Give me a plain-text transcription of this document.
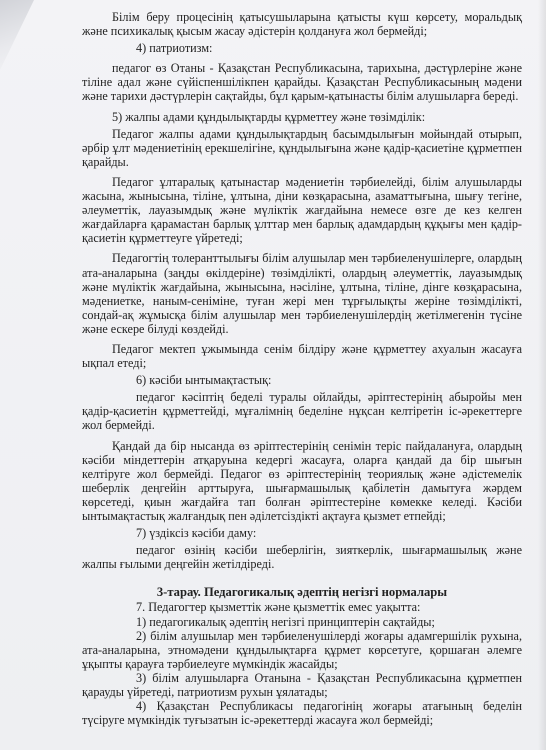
Білім беру процесінің қатысушыларына қатысты күш көрсету, моральдық және психикалық қысым жасау әдістерін қолдануға жол бермейді;

4) патриотизм:

педагог өз Отаны - Қазақстан Республикасына, тарихына, дәстүрлеріне және тіліне адал және сүйіспеншілікпен қарайды. Қазақстан Республикасының мәдени және тарихи дәстүрлерін сақтайды, бұл қарым-қатынасты білім алушыларға береді.

5) жалпы адами құндылықтарды құрметтеу және төзімділік:

Педагог жалпы адами құндылықтардың басымдылығын мойындай отырып, әрбір ұлт мәдениетінің ерекшелігіне, құндылығына және қадір-қасиетіне құрметпен қарайды.

Педагог ұлтаралық қатынастар мәдениетін тәрбиелейді, білім алушыларды жасына, жынысына, тіліне, ұлтына, діни көзқарасына, азаматтығына, шығу тегіне, әлеуметтік, лауазымдық және мүліктік жағдайына немесе өзге де кез келген жағдайларға қарамастан барлық ұлттар мен барлық адамдардың құқығы мен қадір-қасиетін құрметтеуге үйретеді;

Педагогтің толеранттылығы білім алушылар мен тәрбиеленушілерге, олардың ата-аналарына (заңды өкілдеріне) төзімділікті, олардың әлеуметтік, лауазымдық және мүліктік жағдайына, жынысына, нәсіліне, ұлтына, тіліне, дінге көзқарасына, мәдениетке, наным-сеніміне, туған жері мен тұрғылықты жеріне төзімділікті, сондай-ақ жұмысқа білім алушылар мен тәрбиеленушілердің жетілмегенін түсіне және ескере білуді көздейді.

Педагог мектеп ұжымында сенім білдіру және құрметтеу ахуалын жасауға ықпал етеді;

6) кәсіби ынтымақтастық:

педагог кәсіптің беделі туралы ойлайды, әріптестерінің абыройы мен қадір-қасиетін құрметтейді, мұғалімнің беделіне нұқсан келтіретін іс-әрекеттерге жол бермейді.

Қандай да бір нысанда өз әріптестерінің сенімін теріс пайдалануға, олардың кәсіби міндеттерін атқаруына кедергі жасауға, оларға қандай да бір шығын келтіруге жол бермейді. Педагог өз әріптестерінің теориялық және әдістемелік шеберлік деңгейін арттыруға, шығармашылық қабілетін дамытуға жәрдем көрсетеді, қиын жағдайға тап болған әріптестеріне көмекке келеді. Кәсіби ынтымақтастық жалғандық пен әділетсіздікті ақтауға қызмет етпейді;

7) үздіксіз кәсіби даму:

педагог өзінің кәсіби шеберлігін, зияткерлік, шығармашылық және жалпы ғылыми деңгейін жетілдіреді.

3-тарау. Педагогикалық әдептің негізгі нормалары

7. Педагогтер қызметтік және қызметтік емес уақытта:

1) педагогикалық әдептің негізгі принциптерін сақтайды;

2) білім алушылар мен тәрбиеленушілерді жоғары адамгершілік рухына, ата-аналарына, этномәдени құндылықтарға құрмет көрсетуге, қоршаған әлемге ұқыпты қарауға тәрбиелеуге мүмкіндік жасайды;

3) білім алушыларға Отанына - Қазақстан Республикасына құрметпен қарауды үйретеді, патриотизм рухын ұялатады;

4) Қазақстан Республикасы педагогінің жоғары атағының беделін түсіруге мүмкіндік туғызатын іс-әрекеттерді жасауға жол бермейді;
